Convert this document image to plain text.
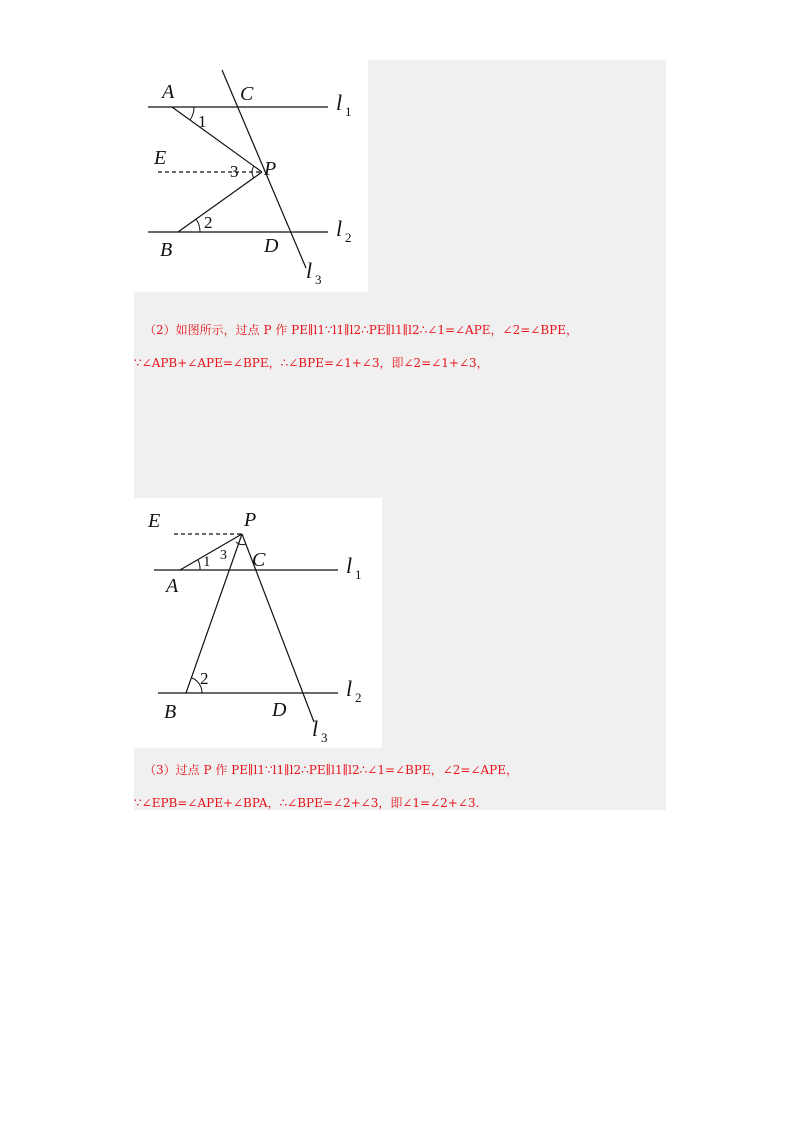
A	C
E	P
B	D
1
2
3
l 1
l 2
l 3
（2）如图所示，过点 P 作 PE∥l1∵l1∥l2∴PE∥l1∥l2∴∠1=∠APE，∠2=∠BPE，
∵∠APB+∠APE=∠BPE，∴∠BPE=∠1+∠3，即∠2=∠1+∠3，
E	P
A
C
B	D
1
2
3	l 1
l 2
l 3
（3）过点 P 作 PE∥l1∵l1∥l2∴PE∥l1∥l2∴∠1=∠BPE，∠2=∠APE，
∵∠EPB=∠APE+∠BPA，∴∠BPE=∠2+∠3，即∠1=∠2+∠3.
